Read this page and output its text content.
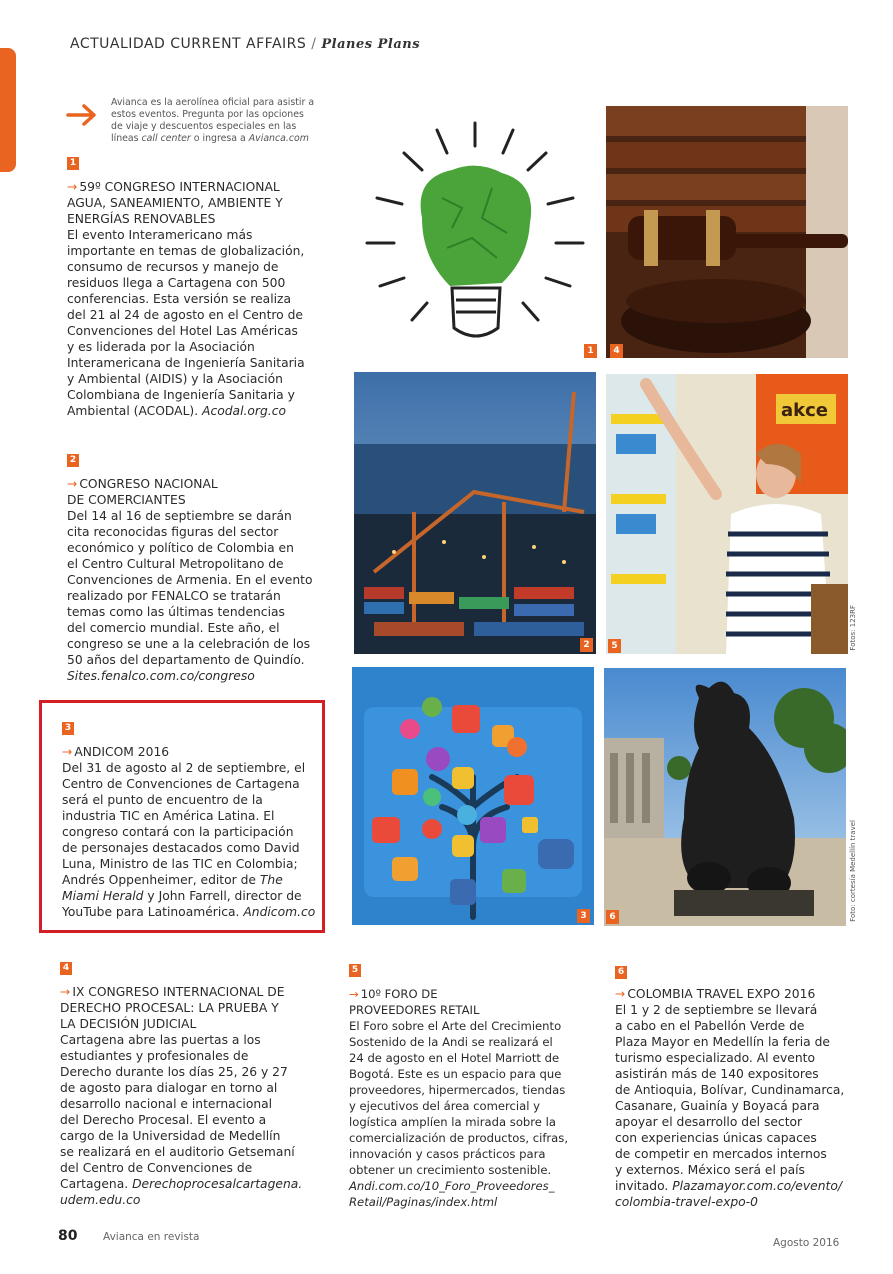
ACTUALIDAD CURRENT AFFAIRS / Planes Plans
Avianca es la aerolínea oficial para asistir a
estos eventos. Pregunta por las opciones
de viaje y descuentos especiales en las
líneas call center o ingresa a Avianca.com
1
→ 59º CONGRESO INTERNACIONAL
AGUA, SANEAMIENTO, AMBIENTE Y
ENERGÍAS RENOVABLES
El evento Interamericano más
importante en temas de globalización,
consumo de recursos y manejo de
residuos llega a Cartagena con 500
conferencias. Esta versión se realiza
del 21 al 24 de agosto en el Centro de
Convenciones del Hotel Las Américas
y es liderada por la Asociación
Interamericana de Ingeniería Sanitaria
y Ambiental (AIDIS) y la Asociación
Colombiana de Ingeniería Sanitaria y
Ambiental (ACODAL). Acodal.org.co
2
→ CONGRESO NACIONAL
DE COMERCIANTES
Del 14 al 16 de septiembre se darán
cita reconocidas figuras del sector
económico y político de Colombia en
el Centro Cultural Metropolitano de
Convenciones de Armenia. En el evento
realizado por FENALCO se tratarán
temas como las últimas tendencias
del comercio mundial. Este año, el
congreso se une a la celebración de los
50 años del departamento de Quindío.
Sites.fenalco.com.co/congreso
3
→ ANDICOM 2016
Del 31 de agosto al 2 de septiembre, el
Centro de Convenciones de Cartagena
será el punto de encuentro de la
industria TIC en América Latina. El
congreso contará con la participación
de personajes destacados como David
Luna, Ministro de las TIC en Colombia;
Andrés Oppenheimer, editor de The
Miami Herald y John Farrell, director de
YouTube para Latinoamérica. Andicom.co
4
→ IX CONGRESO INTERNACIONAL DE
DERECHO PROCESAL: LA PRUEBA Y
LA DECISIÓN JUDICIAL
Cartagena abre las puertas a los
estudiantes y profesionales de
Derecho durante los días 25, 26 y 27
de agosto para dialogar en torno al
desarrollo nacional e internacional
del Derecho Procesal. El evento a
cargo de la Universidad de Medellín
se realizará en el auditorio Getsemaní
del Centro de Convenciones de
Cartagena. Derechoprocesalcartagena.
udem.edu.co
5
→ 10º FORO DE
PROVEEDORES RETAIL
El Foro sobre el Arte del Crecimiento
Sostenido de la Andi se realizará el
24 de agosto en el Hotel Marriott de
Bogotá. Este es un espacio para que
proveedores, hipermercados, tiendas
y ejecutivos del área comercial y
logística amplíen la mirada sobre la
comercialización de productos, cifras,
innovación y casos prácticos para
obtener un crecimiento sostenible.
Andi.com.co/10_Foro_Proveedores_
Retail/Paginas/index.html
6
→ COLOMBIA TRAVEL EXPO 2016
El 1 y 2 de septiembre se llevará
a cabo en el Pabellón Verde de
Plaza Mayor en Medellín la feria de
turismo especializado. Al evento
asistirán más de 140 expositores
de Antioquia, Bolívar, Cundinamarca,
Casanare, Guainía y Boyacá para
apoyar el desarrollo del sector
con experiencias únicas capaces
de competir en mercados internos
y externos. México será el país
invitado. Plazamayor.com.co/evento/
colombia-travel-expo-0
1	4
2
akce
5	Fotos: 123RF
3	6	Foto: cortesía Medellín travel
80 Avianca en revista	Agosto 2016
